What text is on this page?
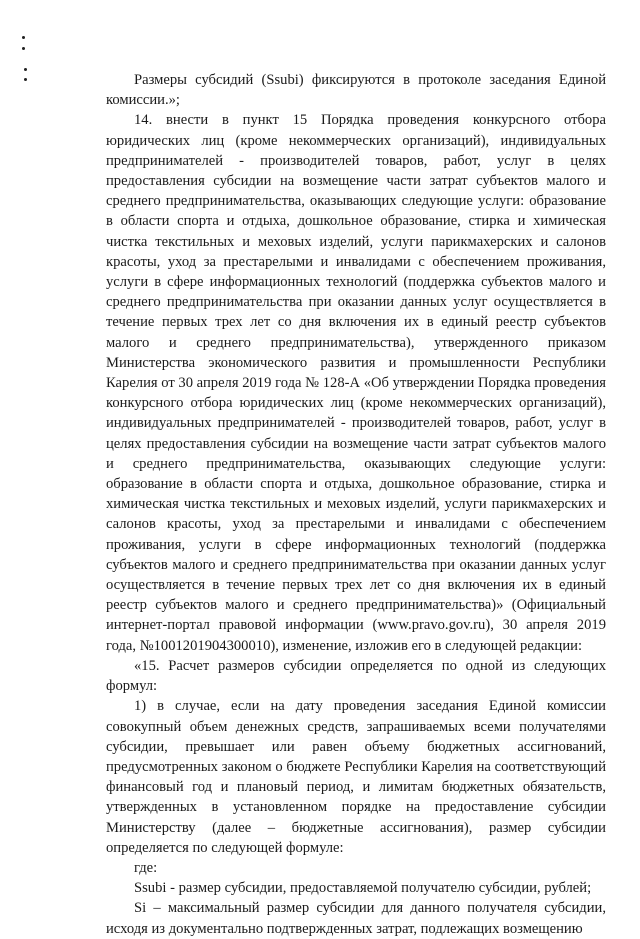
Размеры субсидий (Ssubi) фиксируются в протоколе заседания Единой комиссии.»;

14. внести в пункт 15 Порядка проведения конкурсного отбора юридических лиц (кроме некоммерческих организаций), индивидуальных предпринимателей - производителей товаров, работ, услуг в целях предоставления субсидии на возмещение части затрат субъектов малого и среднего предпринимательства, оказывающих следующие услуги: образование в области спорта и отдыха, дошкольное образование, стирка и химическая чистка текстильных и меховых изделий, услуги парикмахерских и салонов красоты, уход за престарелыми и инвалидами с обеспечением проживания, услуги в сфере информационных технологий (поддержка субъектов малого и среднего предпринимательства при оказании данных услуг осуществляется в течение первых трех лет со дня включения их в единый реестр субъектов малого и среднего предпринимательства), утвержденного приказом Министерства экономического развития и промышленности Республики Карелия от 30 апреля 2019 года № 128-А «Об утверждении Порядка проведения конкурсного отбора юридических лиц (кроме некоммерческих организаций), индивидуальных предпринимателей - производителей товаров, работ, услуг в целях предоставления субсидии на возмещение части затрат субъектов малого и среднего предпринимательства, оказывающих следующие услуги: образование в области спорта и отдыха, дошкольное образование, стирка и химическая чистка текстильных и меховых изделий, услуги парикмахерских и салонов красоты, уход за престарелыми и инвалидами с обеспечением проживания, услуги в сфере информационных технологий (поддержка субъектов малого и среднего предпринимательства при оказании данных услуг осуществляется в течение первых трех лет со дня включения их в единый реестр субъектов малого и среднего предпринимательства)» (Официальный интернет-портал правовой информации (www.pravo.gov.ru), 30 апреля 2019 года, №1001201904300010), изменение, изложив его в следующей редакции:

«15. Расчет размеров субсидии определяется по одной из следующих формул:

1) в случае, если на дату проведения заседания Единой комиссии совокупный объем денежных средств, запрашиваемых всеми получателями субсидии, превышает или равен объему бюджетных ассигнований, предусмотренных законом о бюджете Республики Карелия на соответствующий финансовый год и плановый период, и лимитам бюджетных обязательств, утвержденных в установленном порядке на предоставление субсидии Министерству (далее – бюджетные ассигнования), размер субсидии определяется по следующей формуле:

где:

Ssubi - размер субсидии, предоставляемой получателю субсидии, рублей;

Si – максимальный размер субсидии для данного получателя субсидии, исходя из документально подтвержденных затрат, подлежащих возмещению
